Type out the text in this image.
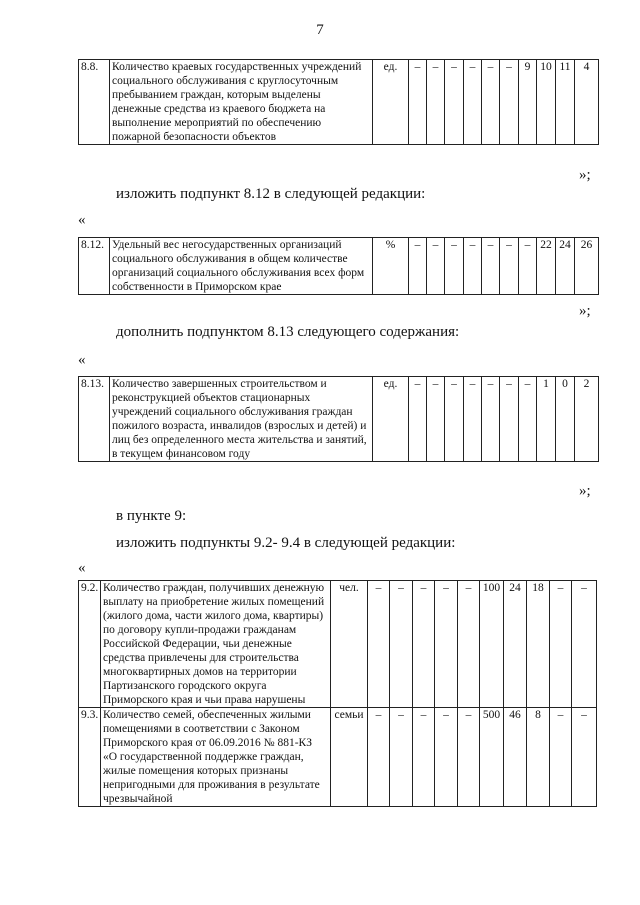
7
8.8.	Количество краевых государственных учреждений социального обслуживания с круглосуточным пребыванием граждан, которым выделены денежные средства из краевого бюджета на выполнение мероприятий по обеспечению пожарной безопасности объектов	ед.	–	–	–	–	–	–	9	10	11	4
»;
изложить подпункт 8.12 в следующей редакции:
«
8.12.	Удельный вес негосударственных организаций социального обслуживания в общем количестве организаций социального обслуживания всех форм собственности в Приморском крае	%	–	–	–	–	–	–	–	22	24	26
»;
дополнить подпунктом 8.13 следующего содержания:
«
8.13.	Количество завершенных строительством и реконструкцией объектов стационарных учреждений социального обслуживания граждан пожилого возраста, инвалидов (взрослых и детей) и лиц без определенного места жительства и занятий, в текущем финансовом году	ед.	–	–	–	–	–	–	–	1	0	2
»;
в пункте 9:
изложить подпункты 9.2- 9.4 в следующей редакции:
«
9.2.	Количество граждан, получивших денежную выплату на приобретение жилых помещений (жилого дома, части жилого дома, квартиры) по договору купли-продажи гражданам Российской Федерации, чьи денежные средства привлечены для строительства многоквартирных домов на территории Партизанского городского округа Приморского края и чьи права нарушены	чел.	–	–	–	–	–	100	24	18	–	–
9.3.	Количество семей, обеспеченных жилыми помещениями в соответствии с Законом Приморского края от 06.09.2016 № 881-КЗ «О государственной поддержке граждан, жилые помещения которых признаны непригодными для проживания в результате чрезвычайной	семьи	–	–	–	–	–	500	46	8	–	–
